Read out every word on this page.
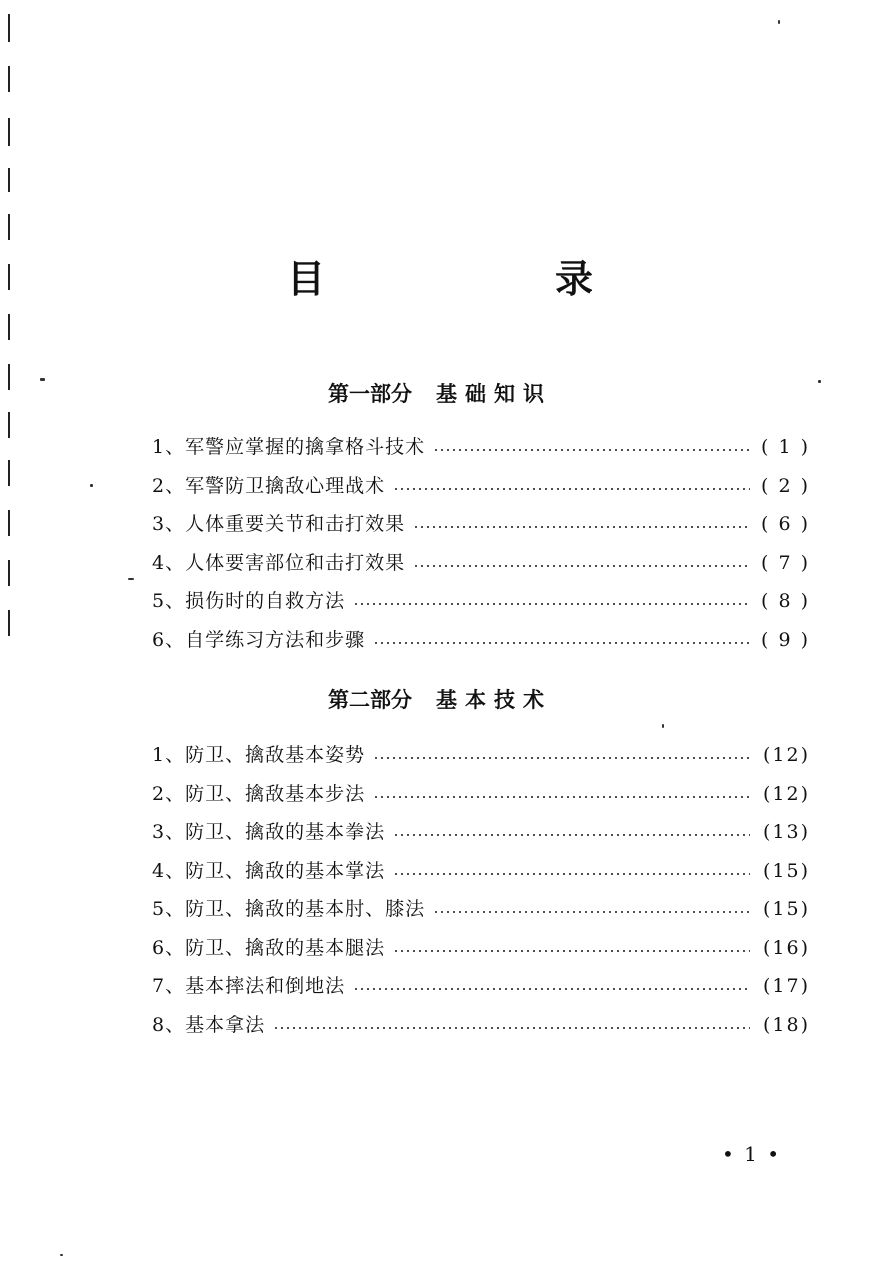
目　录
第一部分 基础知识
1、军警应掌握的擒拿格斗技术	( 1 )
2、军警防卫擒敌心理战术	( 2 )
3、人体重要关节和击打效果	( 6 )
4、人体要害部位和击打效果	( 7 )
5、损伤时的自救方法	( 8 )
6、自学练习方法和步骤	( 9 )
第二部分 基本技术
1、防卫、擒敌基本姿势	(12)
2、防卫、擒敌基本步法	(12)
3、防卫、擒敌的基本拳法	(13)
4、防卫、擒敌的基本掌法	(15)
5、防卫、擒敌的基本肘、膝法	(15)
6、防卫、擒敌的基本腿法	(16)
7、基本摔法和倒地法	(17)
8、基本拿法	(18)
• 1 •
